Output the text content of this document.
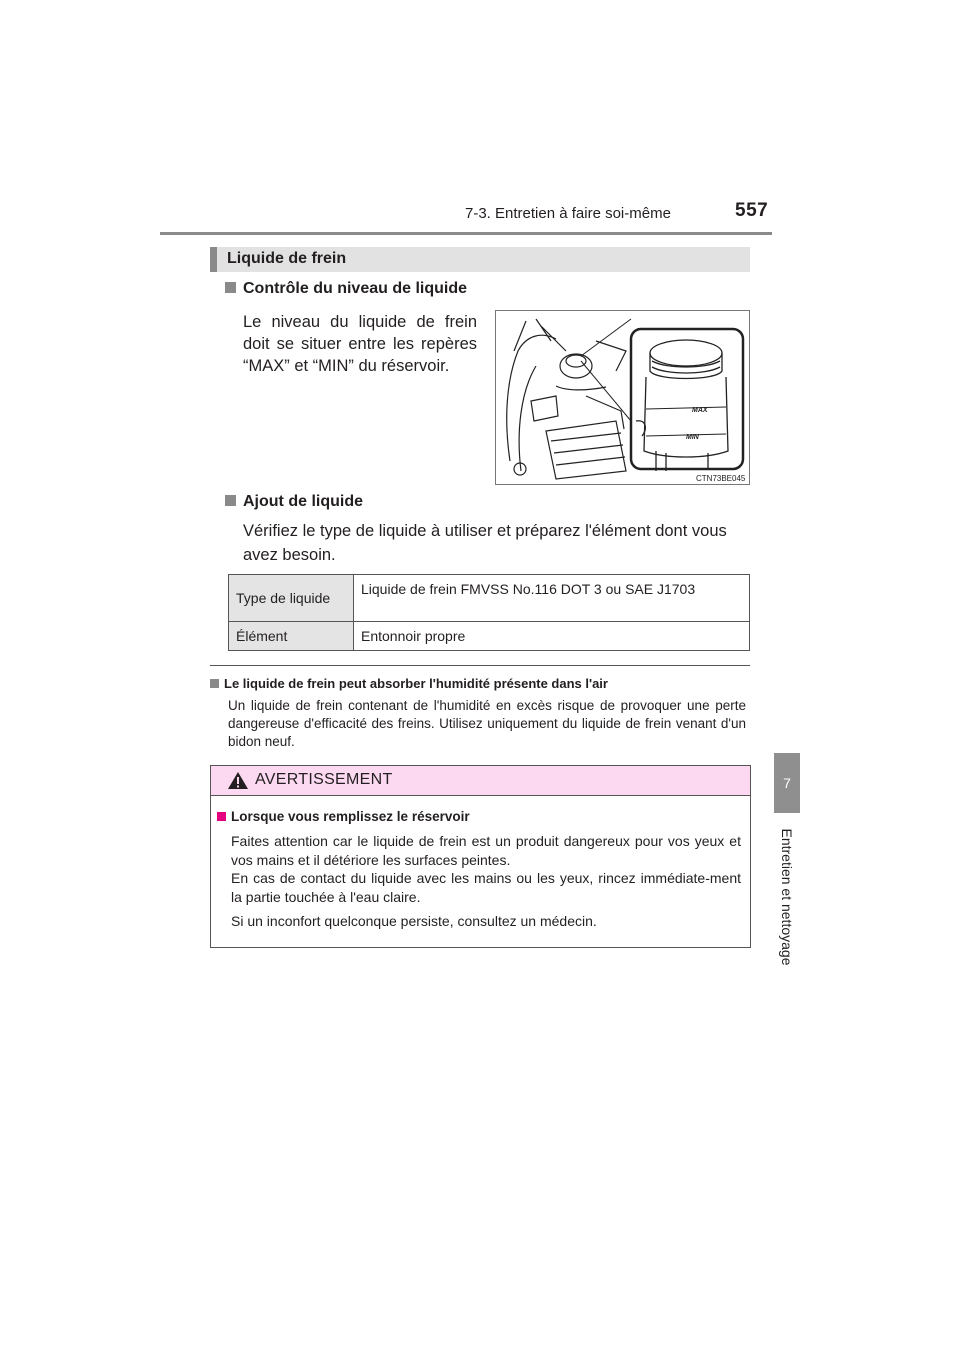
7-3. Entretien à faire soi-même	557
7
Entretien et nettoyage
Liquide de frein
Contrôle du niveau de liquide
Le niveau du liquide de frein doit se situer entre les repères “MAX” et “MIN” du réservoir.
MAX
MIN
CTN73BE045
Ajout de liquide
Vérifiez le type de liquide à utiliser et préparez l'élément dont vous avez besoin.
Type de liquide	Liquide de frein FMVSS No.116 DOT 3 ou SAE J1703
Élément	Entonnoir propre
Le liquide de frein peut absorber l'humidité présente dans l'air
Un liquide de frein contenant de l'humidité en excès risque de provoquer une perte dangereuse d'efficacité des freins. Utilisez uniquement du liquide de frein venant d'un bidon neuf.
AVERTISSEMENT
Lorsque vous remplissez le réservoir
Faites attention car le liquide de frein est un produit dangereux pour vos yeux et vos mains et il détériore les surfaces peintes.
En cas de contact du liquide avec les mains ou les yeux, rincez immédiate-ment la partie touchée à l'eau claire.
Si un inconfort quelconque persiste, consultez un médecin.
